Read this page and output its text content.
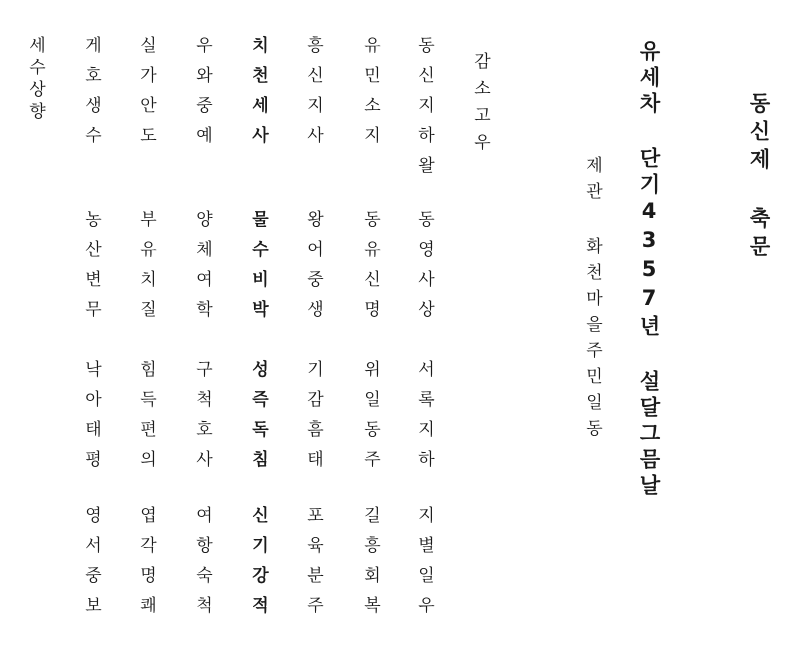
동신제 축문
유세차 단기4357년 설달그믐날
제관 화천마을주민일동
감소고우
동신지하왈
유민소지
흥신지사
치천세사
우와중예
실가안도
게호생수
세수상향
동영사상
동유신명
왕어중생
물수비박
양체여학
부유치질
농산변무
서록지하
위일동주
기감흠태
성즉독침
구척호사
힘득편의
낙아태평
지별일우
길흥회복
포육분주
신기강적
여항숙척
엽각명쾌
영서중보
